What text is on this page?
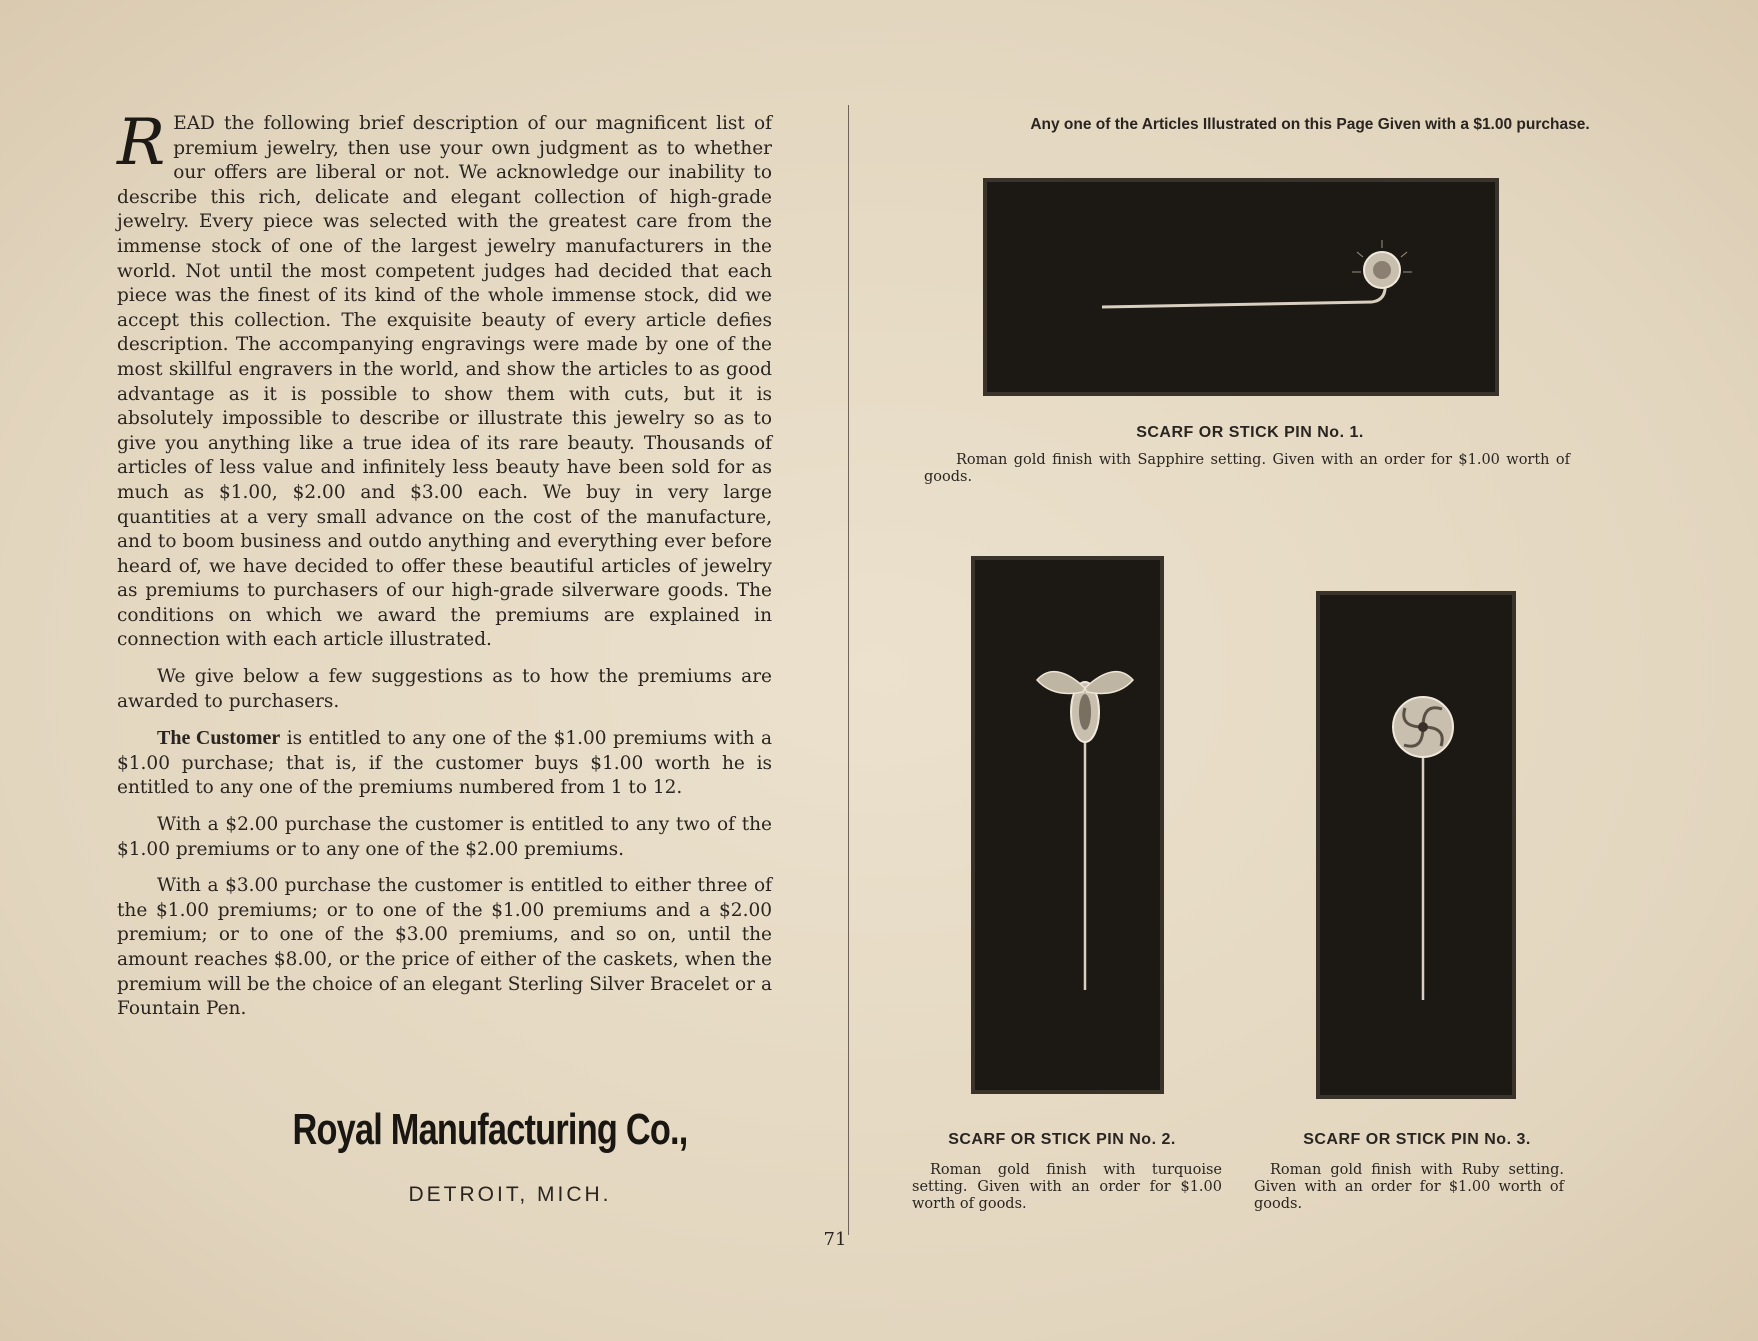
READ the following brief description of our magnificent list of premium jewelry, then use your own judgment as to whether our offers are liberal or not. We acknowledge our inability to describe this rich, delicate and elegant collection of high-grade jewelry. Every piece was selected with the greatest care from the immense stock of one of the largest jewelry manufacturers in the world. Not until the most competent judges had decided that each piece was the finest of its kind of the whole immense stock, did we accept this collection. The exquisite beauty of every article defies description. The accompanying engravings were made by one of the most skillful engravers in the world, and show the articles to as good advantage as it is possible to show them with cuts, but it is absolutely impossible to describe or illustrate this jewelry so as to give you anything like a true idea of its rare beauty. Thousands of articles of less value and infinitely less beauty have been sold for as much as $1.00, $2.00 and $3.00 each. We buy in very large quantities at a very small advance on the cost of the manufacture, and to boom business and outdo anything and everything ever before heard of, we have decided to offer these beautiful articles of jewelry as premiums to purchasers of our high-grade silverware goods. The conditions on which we award the premiums are explained in connection with each article illustrated.

We give below a few suggestions as to how the premiums are awarded to purchasers.

The Customer is entitled to any one of the $1.00 premiums with a $1.00 purchase; that is, if the customer buys $1.00 worth he is entitled to any one of the premiums numbered from 1 to 12.

With a $2.00 purchase the customer is entitled to any two of the $1.00 premiums or to any one of the $2.00 premiums.

With a $3.00 purchase the customer is entitled to either three of the $1.00 premiums; or to one of the $1.00 premiums and a $2.00 premium; or to one of the $3.00 premiums, and so on, until the amount reaches $8.00, or the price of either of the caskets, when the premium will be the choice of an elegant Sterling Silver Bracelet or a Fountain Pen.

Royal Manufacturing Co.,
DETROIT, MICH.
71
Any one of the Articles Illustrated on this Page Given with a $1.00 purchase.
SCARF OR STICK PIN No. 1.
Roman gold finish with Sapphire setting. Given with an order for $1.00 worth of goods.
SCARF OR STICK PIN No. 2.
Roman gold finish with turquoise setting. Given with an order for $1.00 worth of goods.
SCARF OR STICK PIN No. 3.
Roman gold finish with Ruby setting. Given with an order for $1.00 worth of goods.
